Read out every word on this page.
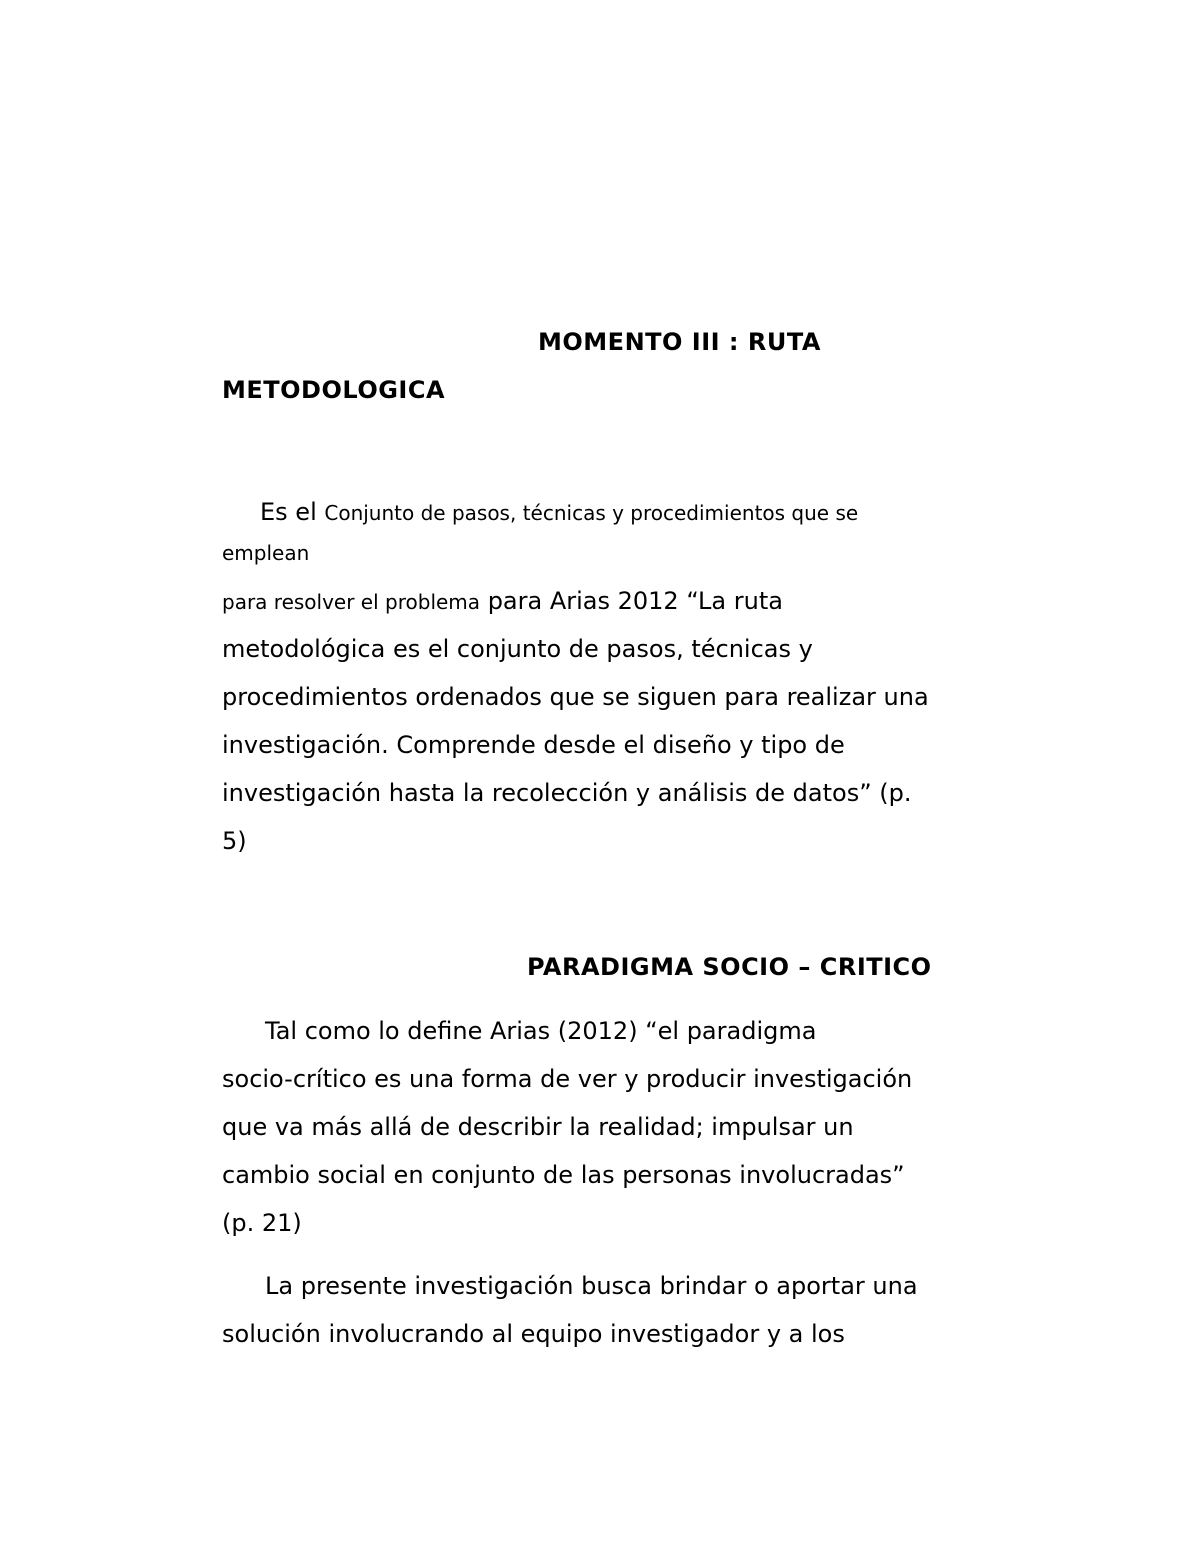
MOMENTO III : RUTA
METODOLOGICA
Es el Conjunto de pasos, técnicas y procedimientos que se
emplean
para resolver el problema para Arias 2012 “La ruta
metodológica es el conjunto de pasos, técnicas y
procedimientos ordenados que se siguen para realizar una
investigación. Comprende desde el diseño y tipo de
investigación hasta la recolección y análisis de datos” (p.
5)
PARADIGMA SOCIO – CRITICO
Tal como lo define Arias (2012) “el paradigma
socio-crítico es una forma de ver y producir investigación
que va más allá de describir la realidad; impulsar un
cambio social en conjunto de las personas involucradas”
(p. 21)
La presente investigación busca brindar o aportar una
solución involucrando al equipo investigador y a los
